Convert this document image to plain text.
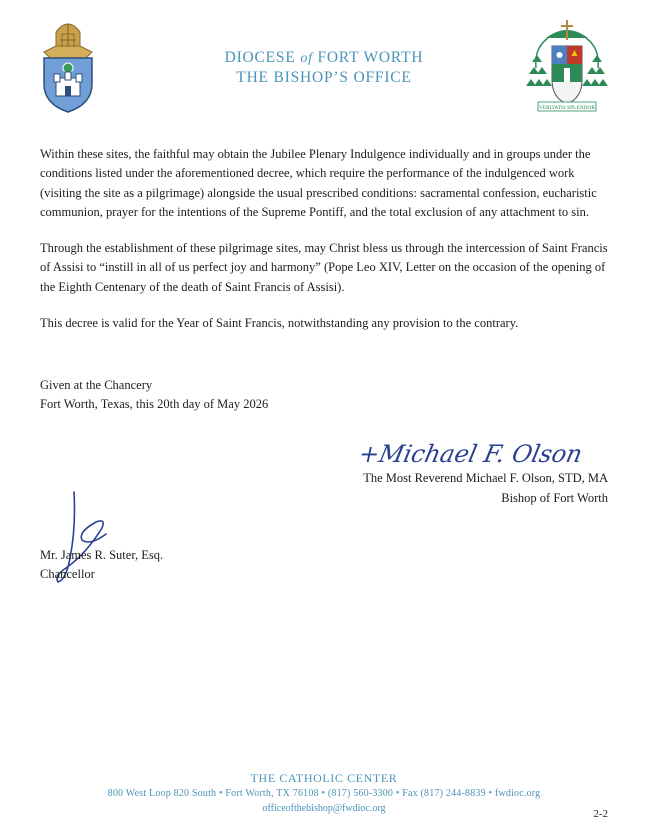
DIOCESE of FORT WORTH
THE BISHOP’S OFFICE
VERITATIS SPLENDOR

Within these sites, the faithful may obtain the Jubilee Plenary Indulgence individually and in groups under the conditions listed under the aforementioned decree, which require the performance of the indulgenced work (visiting the site as a pilgrimage) alongside the usual prescribed conditions: sacramental confession, eucharistic communion, prayer for the intentions of the Supreme Pontiff, and the total exclusion of any attachment to sin.

Through the establishment of these pilgrimage sites, may Christ bless us through the intercession of Saint Francis of Assisi to “instill in all of us perfect joy and harmony” (Pope Leo XIV, Letter on the occasion of the opening of the Eighth Centenary of the death of Saint Francis of Assisi).

This decree is valid for the Year of Saint Francis, notwithstanding any provision to the contrary.

Given at the Chancery
Fort Worth, Texas, this 20th day of May 2026
+Michael F. Olson
The Most Reverend Michael F. Olson, STD, MA
Bishop of Fort Worth
Mr. James R. Suter, Esq.
Chancellor
THE CATHOLIC CENTER
800 West Loop 820 South • Fort Worth, TX 76108 • (817) 560-3300 • Fax (817) 244-8839 • fwdioc.org
officeofthebishop@fwdioc.org	2-2
